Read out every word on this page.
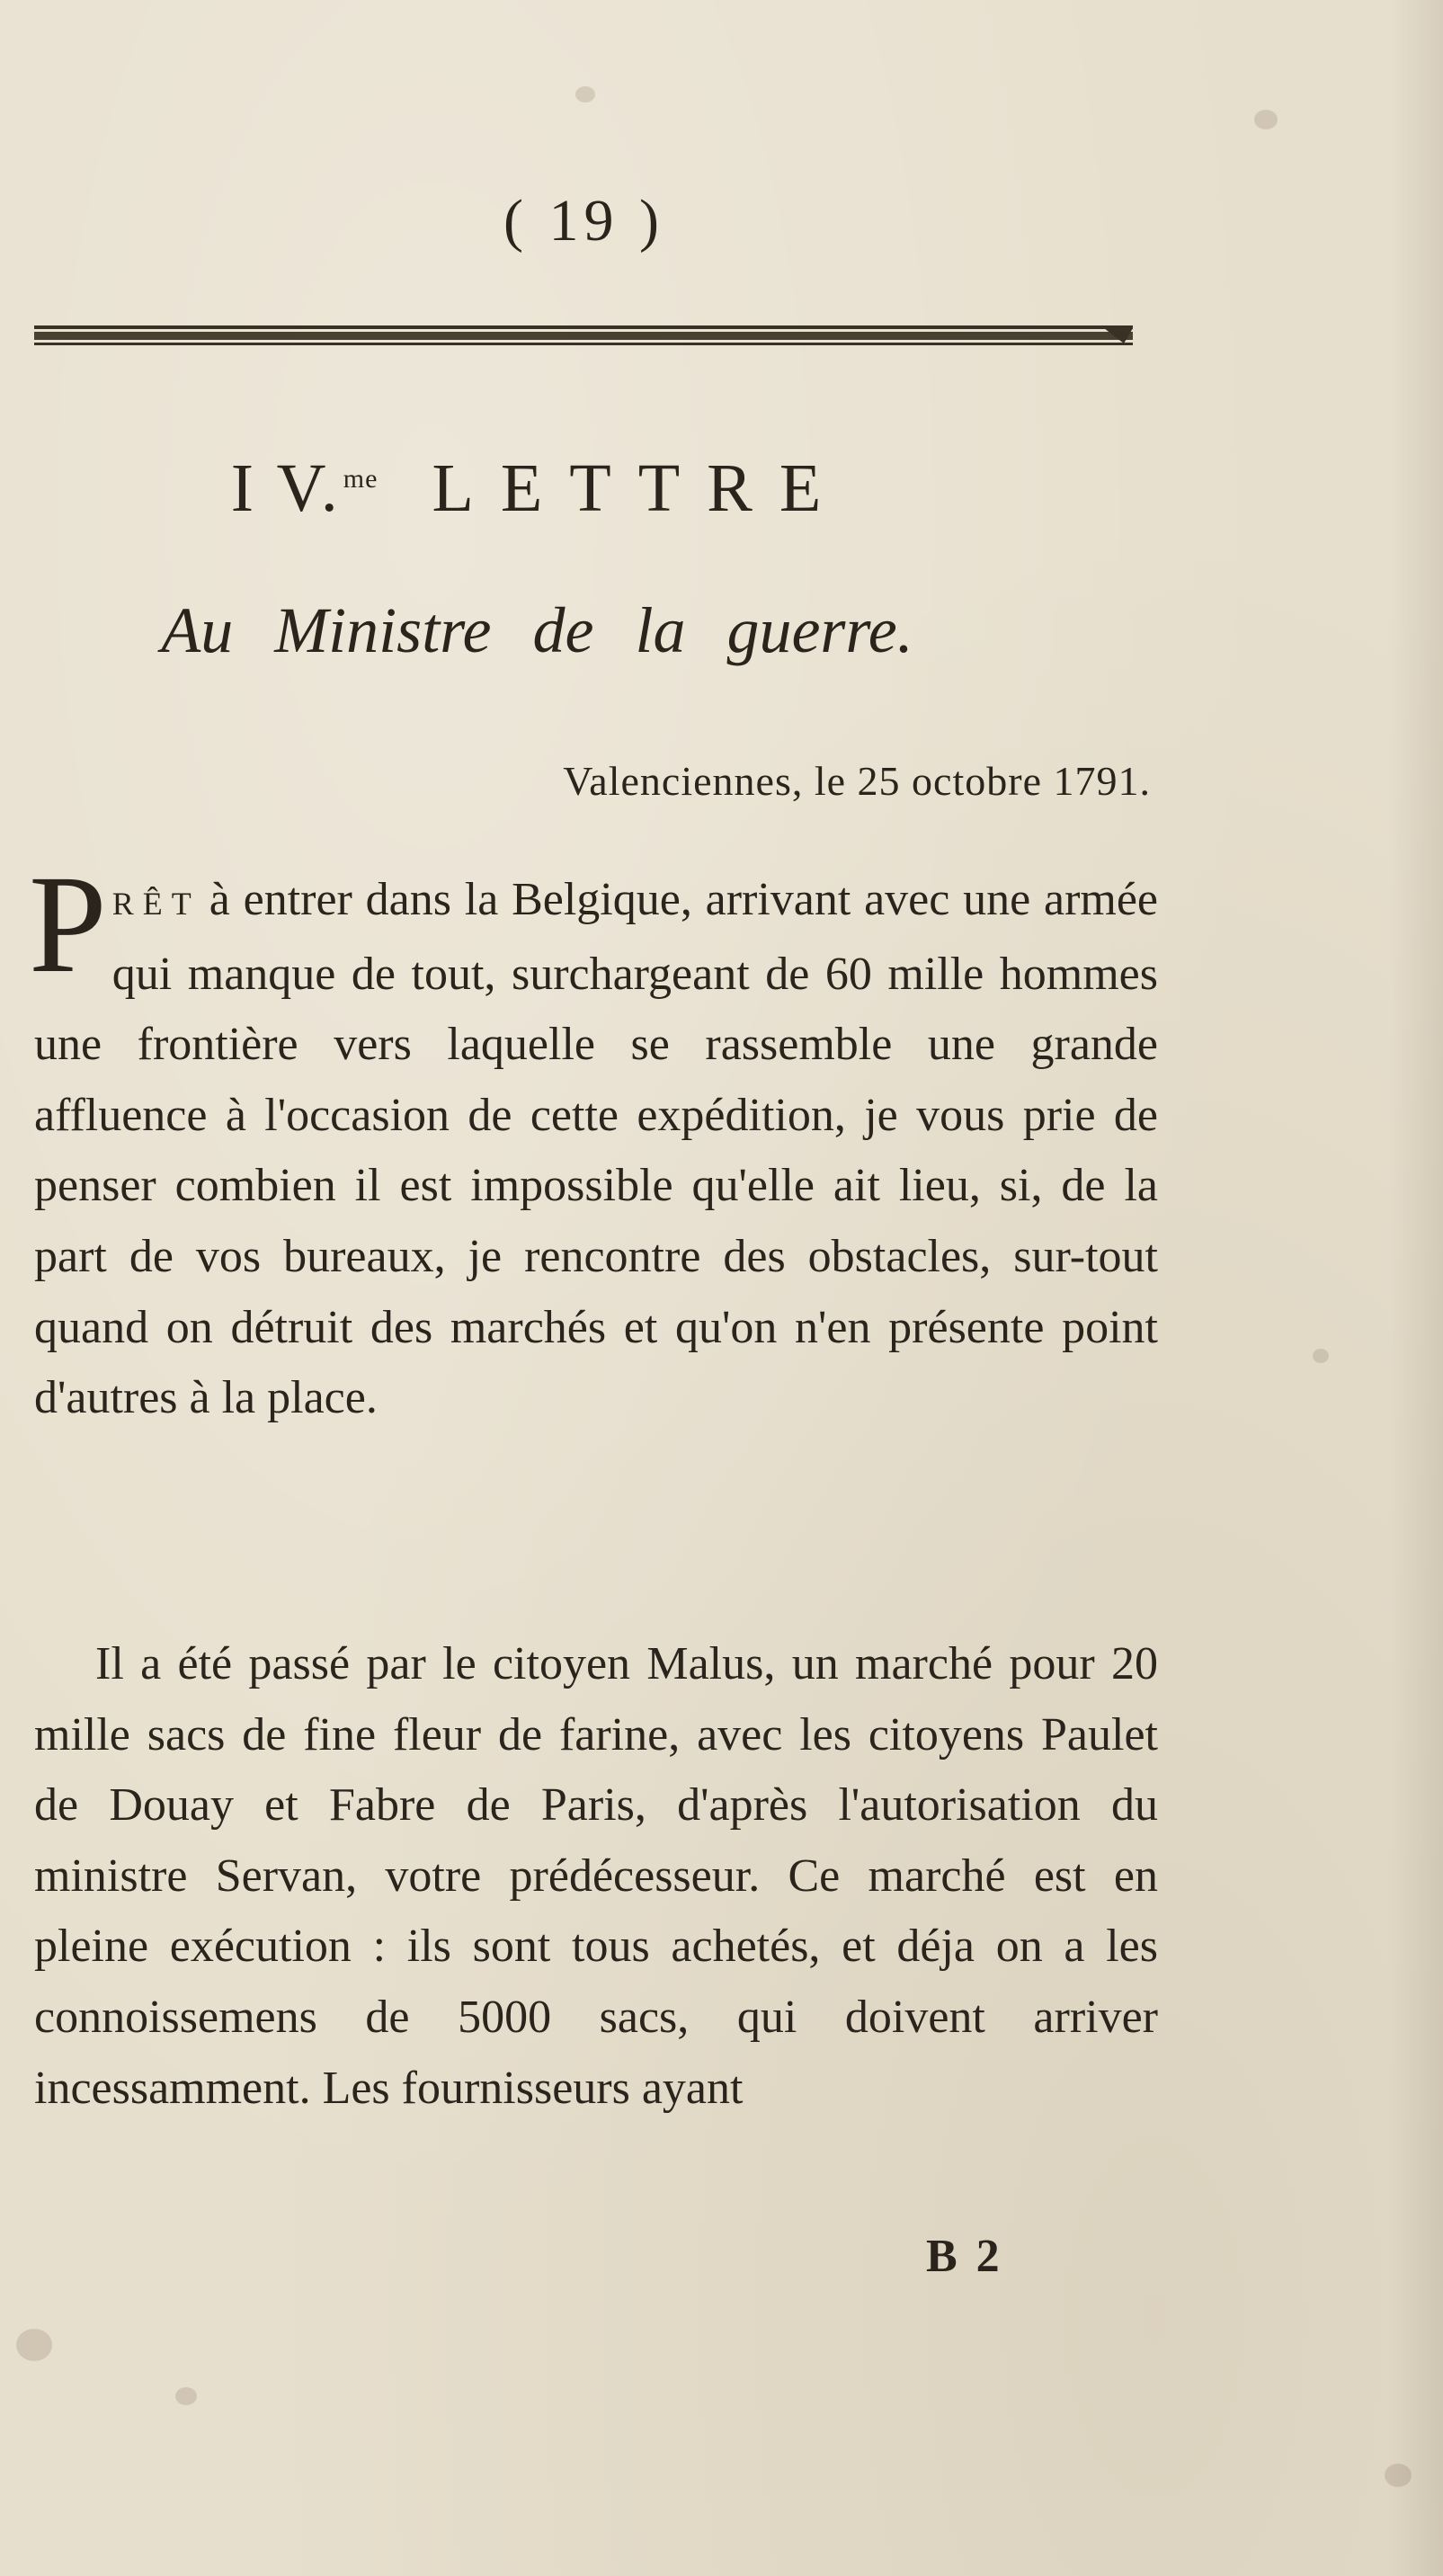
( 19 )
I V.$^{me}$ LETTRE
Au Ministre de la guerre.
Valenciennes, le 25 octobre 1791.

PRÊT à entrer dans la Belgique, arrivant avec une armée qui manque de tout, surchargeant de 60 mille hommes une frontière vers laquelle se rassemble une grande affluence à l'occasion de cette expédition, je vous prie de penser combien il est impossible qu'elle ait lieu, si, de la part de vos bureaux, je rencontre des obstacles, sur-tout quand on détruit des marchés et qu'on n'en présente point d'autres à la place.

Il a été passé par le citoyen Malus, un marché pour 20 mille sacs de fine fleur de farine, avec les citoyens Paulet de Douay et Fabre de Paris, d'après l'autorisation du ministre Servan, votre prédécesseur. Ce marché est en pleine exécution : ils sont tous achetés, et déja on a les connoissemens de 5000 sacs, qui doivent arriver incessamment. Les fournisseurs ayant

B 2
